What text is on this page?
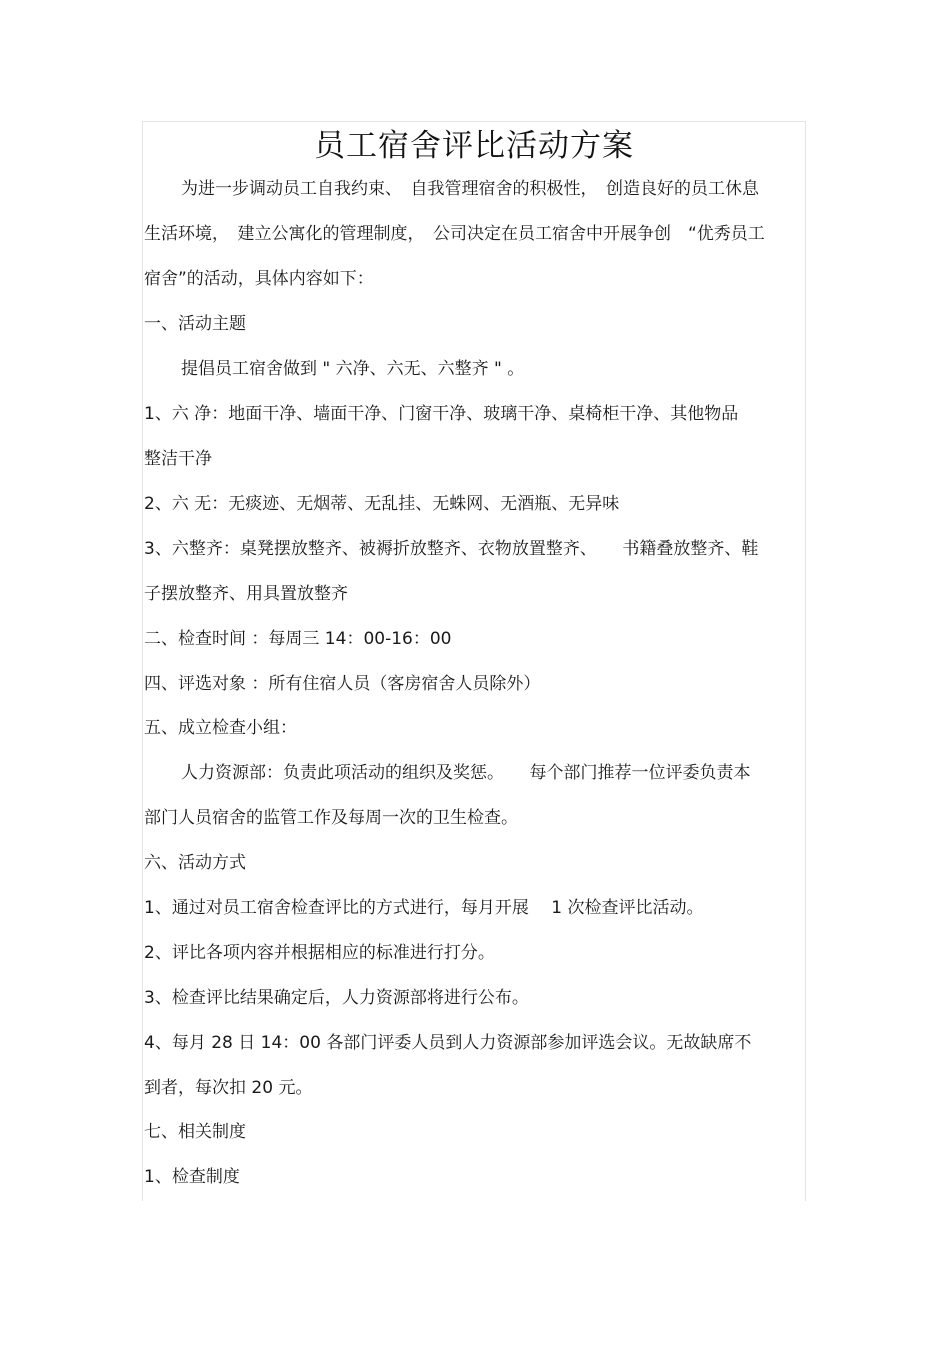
员工宿舍评比活动方案
为进一步调动员工自我约束、　自我管理宿舍的积极性，　创造良好的员工休息
生活环境，　建立公寓化的管理制度，　公司决定在员工宿舍中开展争创　“优秀员工
宿舍”的活动，具体内容如下：
一、活动主题
提倡员工宿舍做到 " 六净、六无、六整齐 " 。
1、六 净：地面干净、墙面干净、门窗干净、玻璃干净、桌椅柜干净、其他物品
整洁干净
2、六 无：无痰迹、无烟蒂、无乱挂、无蛛网、无酒瓶、无异味
3、六整齐：桌凳摆放整齐、被褥折放整齐、衣物放置整齐、　　书籍叠放整齐、鞋
子摆放整齐、用具置放整齐
二、检查时间 ：每周三 14：00-16：00
四、评选对象 ：所有住宿人员（客房宿舍人员除外）
五、成立检查小组：
人力资源部：负责此项活动的组织及奖惩。　　每个部门推荐一位评委负责本
部门人员宿舍的监管工作及每周一次的卫生检查。
六、活动方式
1、通过对员工宿舍检查评比的方式进行，每月开展　 1 次检查评比活动。
2、评比各项内容并根据相应的标准进行打分。
3、检查评比结果确定后，人力资源部将进行公布。
4、每月 28 日 14：00 各部门评委人员到人力资源部参加评选会议。无故缺席不
到者，每次扣 20 元。
七、相关制度
1、检查制度
